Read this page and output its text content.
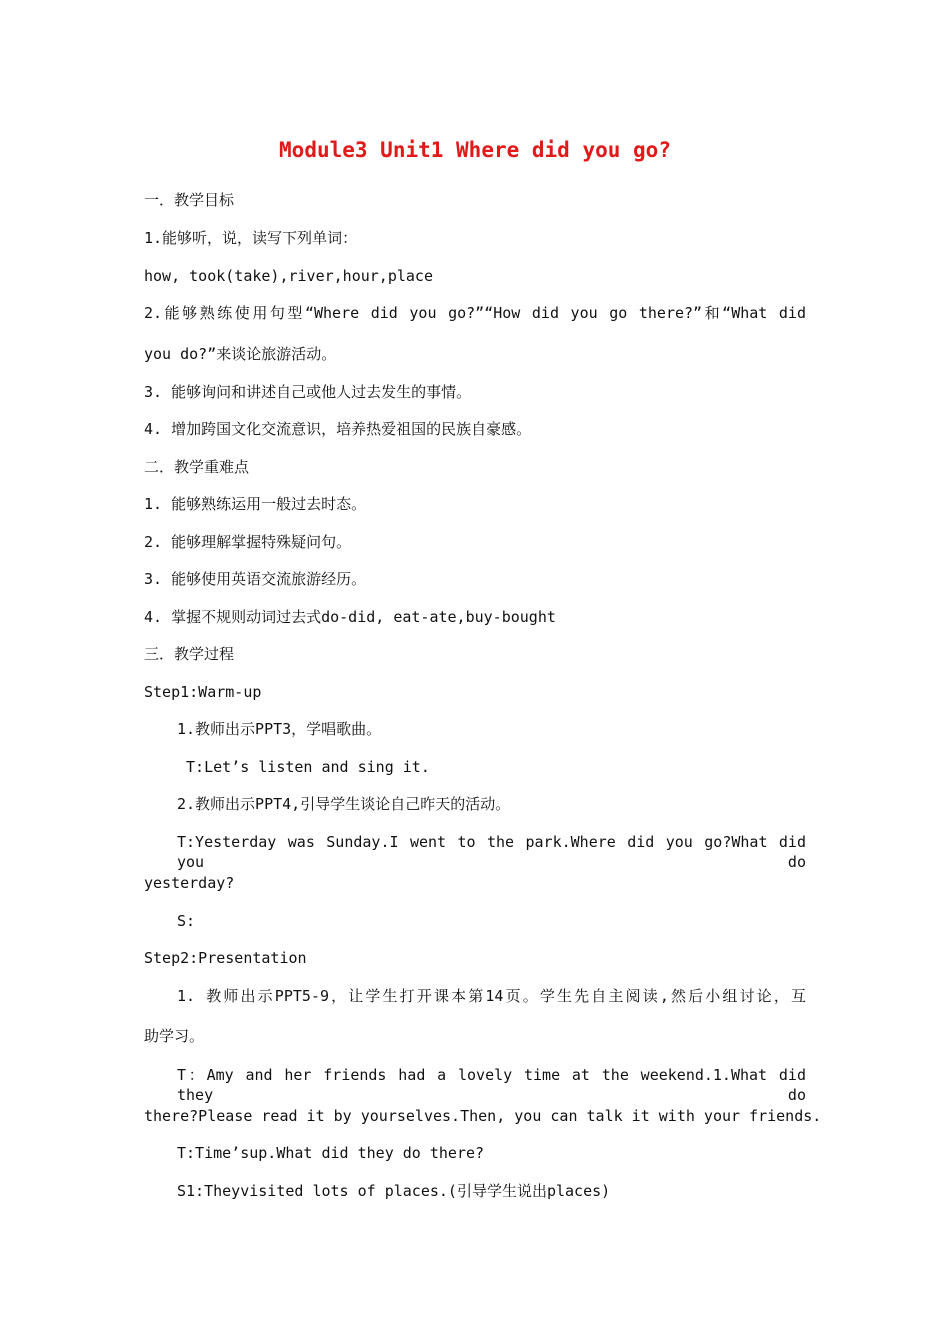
Module3 Unit1 Where did you go?
一．教学目标
1.能够听，说，读写下列单词：
how, took(take),river,hour,place
2.能够熟练使用句型“Where did you go?”“How did you go there?”和“What did
you do?”来谈论旅游活动。
3. 能够询问和讲述自己或他人过去发生的事情。
4. 增加跨国文化交流意识，培养热爱祖国的民族自豪感。
二．教学重难点
1. 能够熟练运用一般过去时态。
2. 能够理解掌握特殊疑问句。
3. 能够使用英语交流旅游经历。
4. 掌握不规则动词过去式do-did, eat-ate,buy-bought
三．教学过程
Step1:Warm-up
1.教师出示PPT3，学唱歌曲。
T:Let’s listen and sing it.
2.教师出示PPT4,引导学生谈论自己昨天的活动。
T:Yesterday was Sunday.I went to the park.Where did you go?What did you do
yesterday?
S:
Step2:Presentation
1. 教师出示PPT5-9，让学生打开课本第14页。学生先自主阅读,然后小组讨论，互
助学习。
T：Amy and her friends had a lovely time at the weekend.1.What did they do
there?Please read it by yourselves.Then, you can talk it with your friends.
T:Time’sup.What did they do there?
S1:Theyvisited lots of places.(引导学生说出places)
